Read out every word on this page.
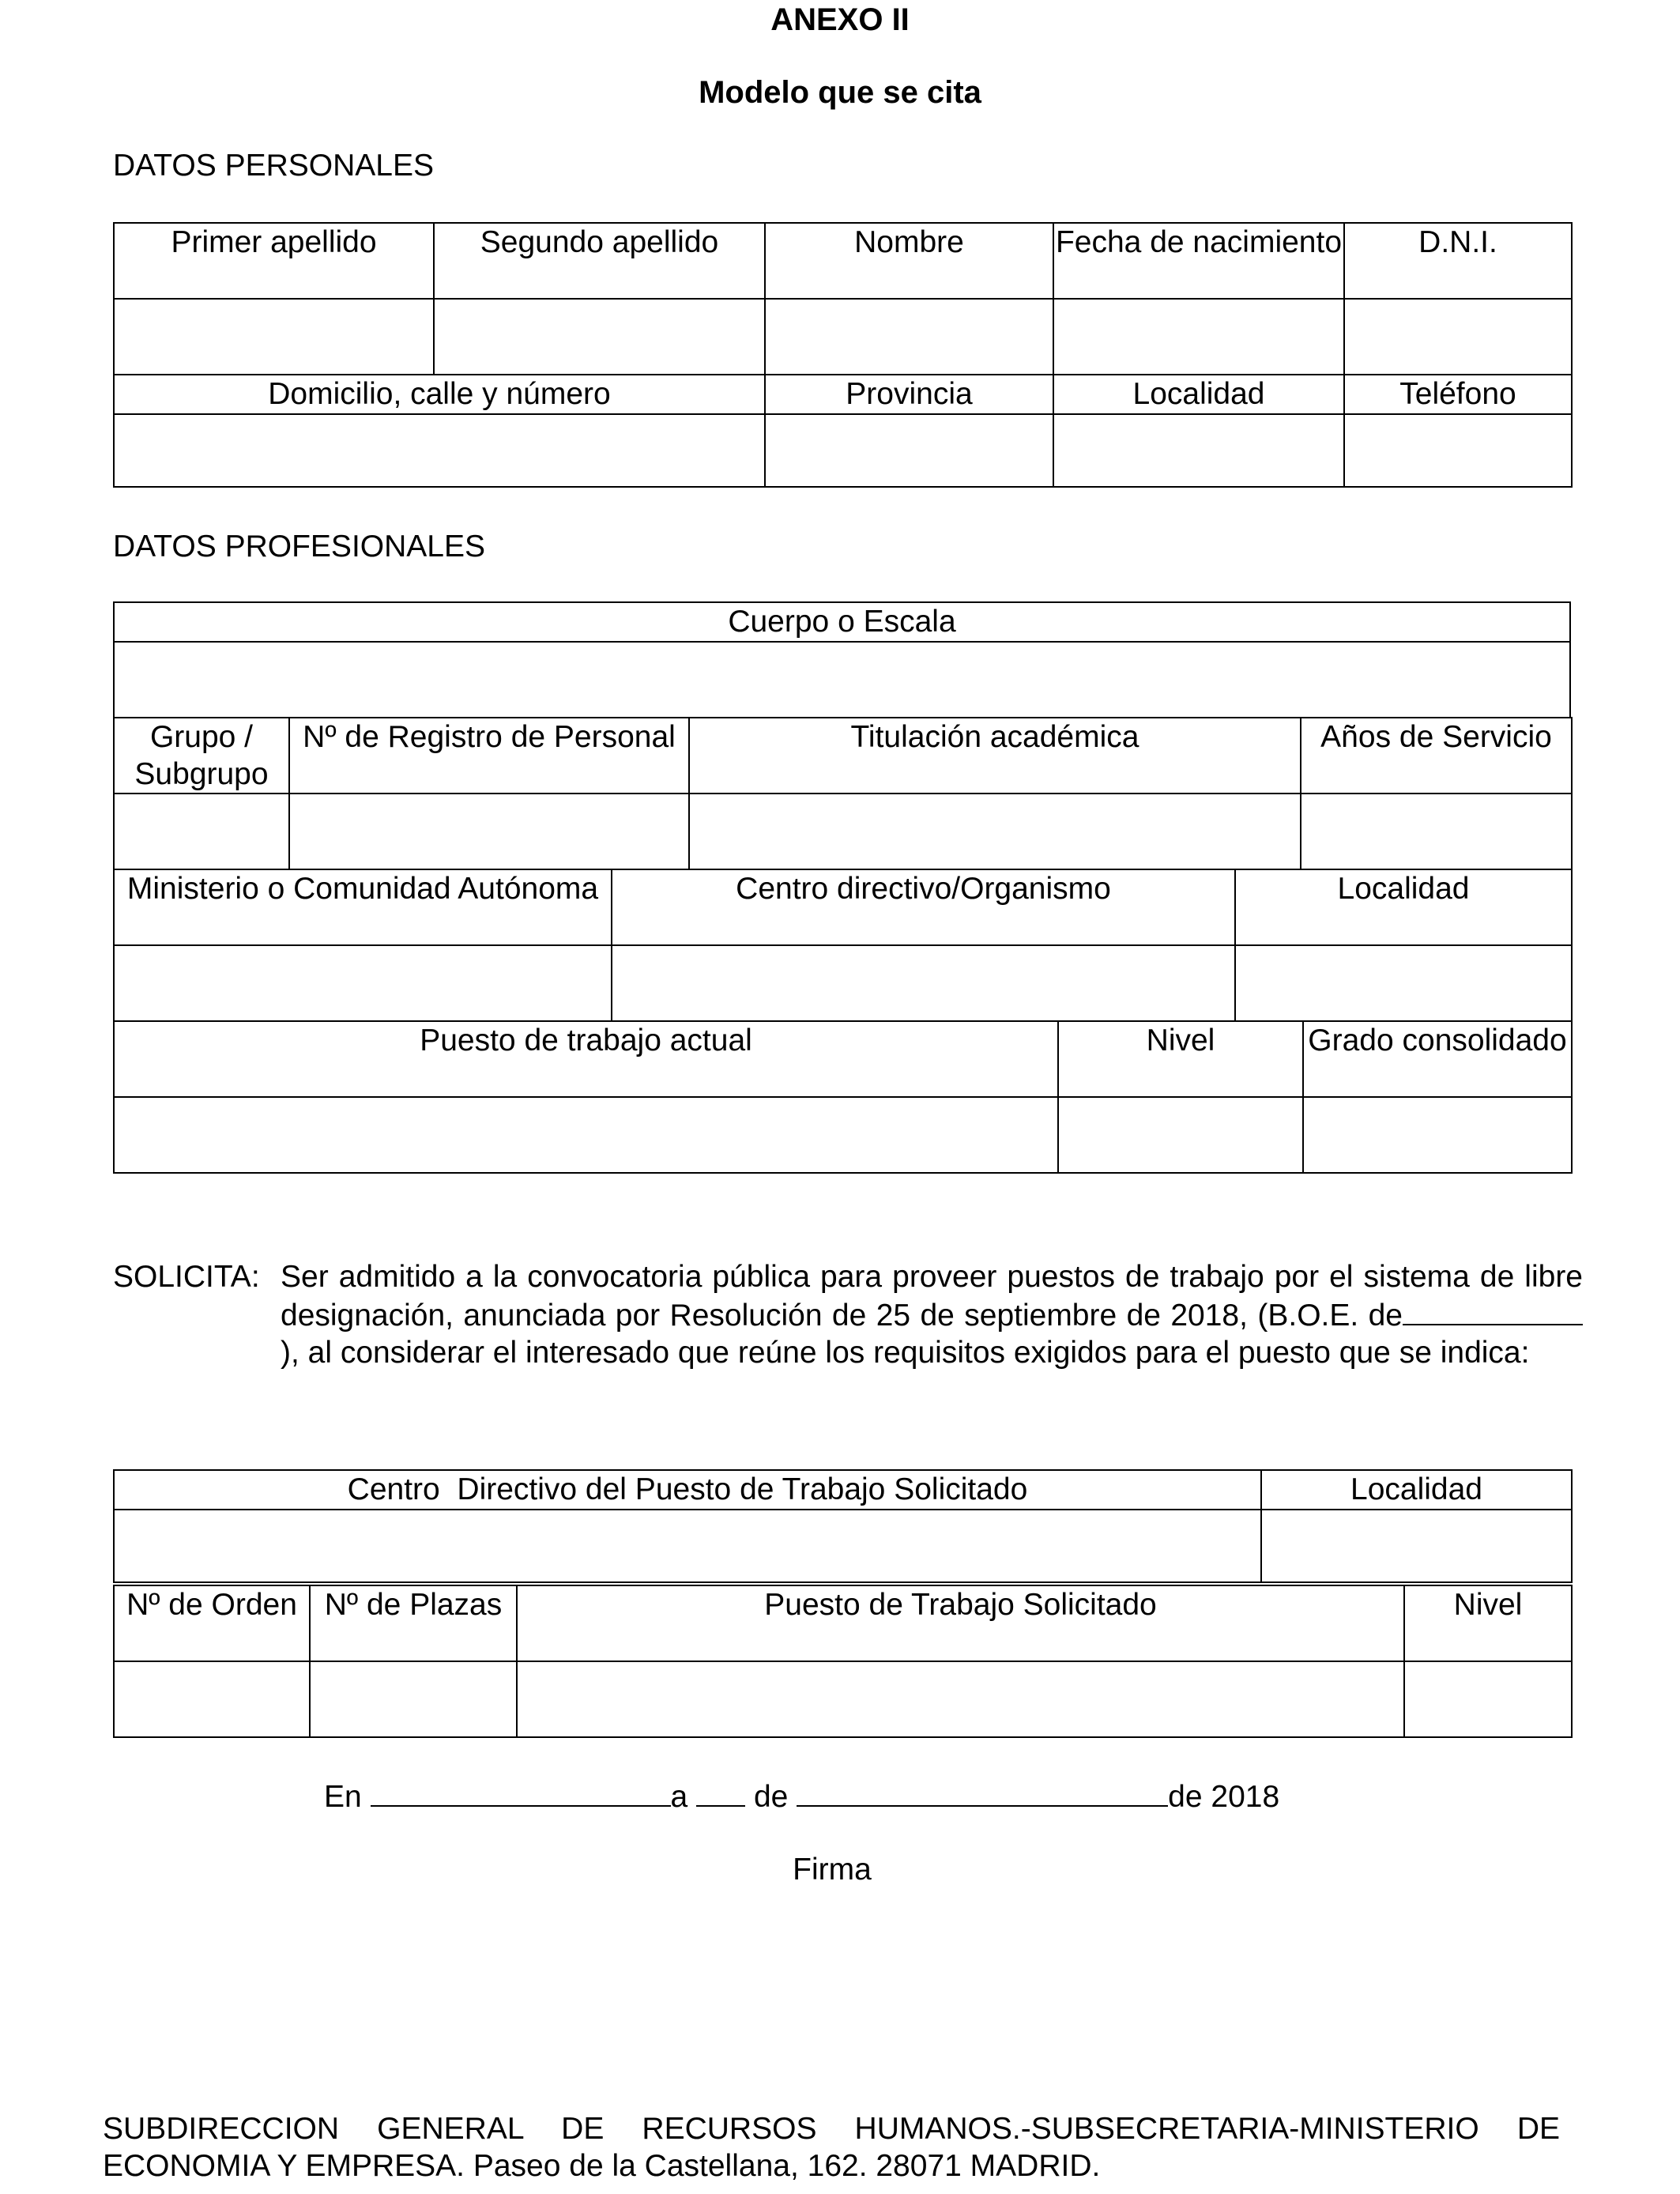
ANEXO II
Modelo que se cita
DATOS PERSONALES
Primer apellido	Segundo apellido	Nombre	Fecha de nacimiento	D.N.I.

Domicilio, calle y número		Provincia	Localidad	Teléfono

DATOS PROFESIONALES
Cuerpo o Escala

Grupo / Subgrupo	Nº de Registro de Personal	Titulación académica	Años de Servicio

Ministerio o Comunidad Autónoma	Centro directivo/Organismo	Localidad

Puesto de trabajo actual	Nivel	Grado consolidado

SOLICITA: Ser admitido a la convocatoria pública para proveer puestos de trabajo por el sistema de libre designación, anunciada por Resolución de 25 de septiembre de 2018, (B.O.E. de), al considerar el interesado que reúne los requisitos exigidos para el puesto que se indica:
Centro  Directivo del Puesto de Trabajo Solicitado	Localidad

Nº de Orden	Nº de Plazas	Puesto de Trabajo Solicitado	Nivel

En	a de	de 2018
Firma
SUBDIRECCION GENERAL DE RECURSOS HUMANOS.-SUBSECRETARIA-MINISTERIO DE
ECONOMIA Y EMPRESA. Paseo de la Castellana, 162. 28071 MADRID.
